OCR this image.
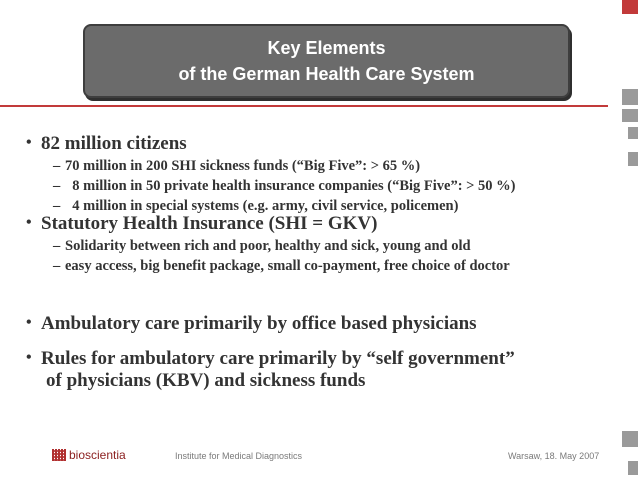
Key Elements
of the German Health Care System
• 82 million citizens
– 70 million in 200 SHI sickness funds (“Big Five”: > 65 %)
–  8 million in 50 private health insurance companies (“Big Five”: > 50 %)
–  4 million in special systems (e.g. army, civil service, policemen)
• Statutory Health Insurance (SHI = GKV)
– Solidarity between rich and poor, healthy and sick, young and old
– easy access, big benefit package, small co-payment, free choice of doctor
• Ambulatory care primarily by office based physicians
• Rules for ambulatory care primarily by “self government”
of physicians (KBV) and sickness funds
bioscientia	Institute for Medical Diagnostics	Warsaw, 18. May 2007
